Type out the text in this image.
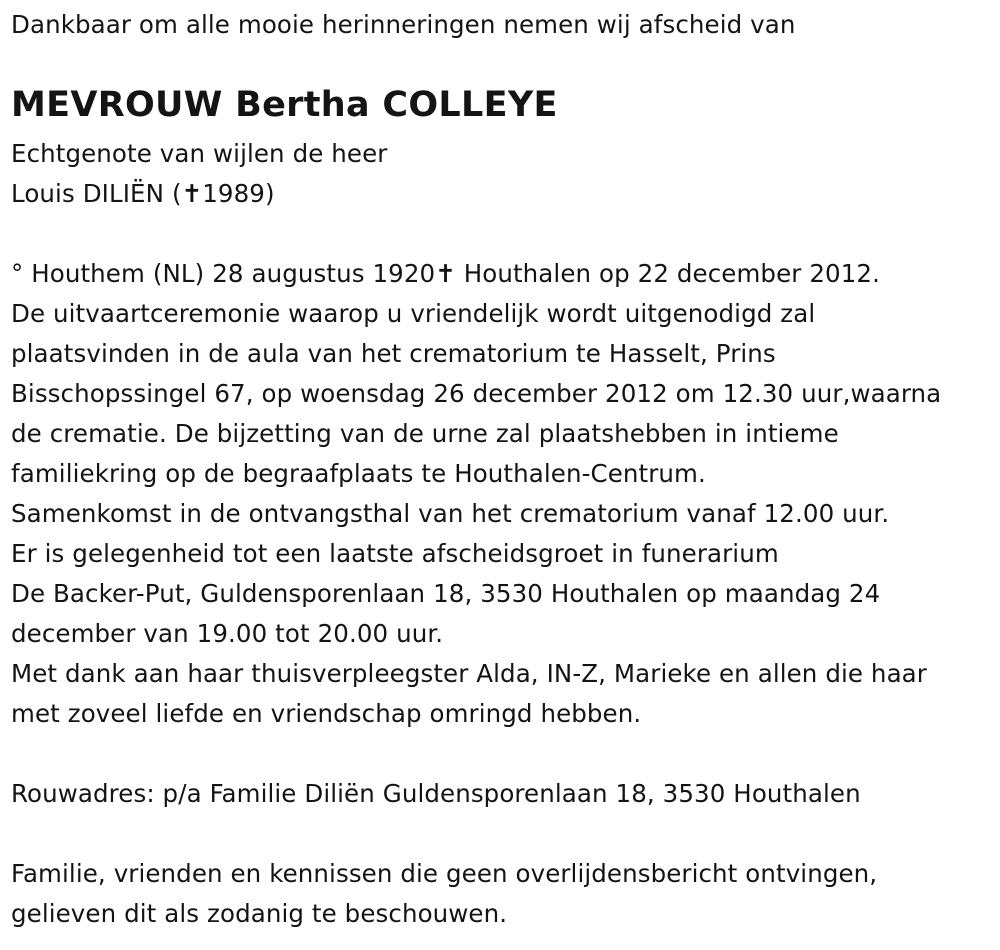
Dankbaar om alle mooie herinneringen nemen wij afscheid van
MEVROUW Bertha COLLEYE
Echtgenote van wijlen de heer
Louis DILIËN (✝1989)
° Houthem (NL) 28 augustus 1920✝ Houthalen op 22 december 2012.
De uitvaartceremonie waarop u vriendelijk wordt uitgenodigd zal
plaatsvinden in de aula van het crematorium te Hasselt, Prins
Bisschopssingel 67, op woensdag 26 december 2012 om 12.30 uur,waarna
de crematie. De bijzetting van de urne zal plaatshebben in intieme
familiekring op de begraafplaats te Houthalen-Centrum.
Samenkomst in de ontvangsthal van het crematorium vanaf 12.00 uur.
Er is gelegenheid tot een laatste afscheidsgroet in funerarium
De Backer-Put, Guldensporenlaan 18, 3530 Houthalen op maandag 24
december van 19.00 tot 20.00 uur.
Met dank aan haar thuisverpleegster Alda, IN-Z, Marieke en allen die haar
met zoveel liefde en vriendschap omringd hebben.
Rouwadres: p/a Familie Diliën Guldensporenlaan 18, 3530 Houthalen
Familie, vrienden en kennissen die geen overlijdensbericht ontvingen,
gelieven dit als zodanig te beschouwen.
